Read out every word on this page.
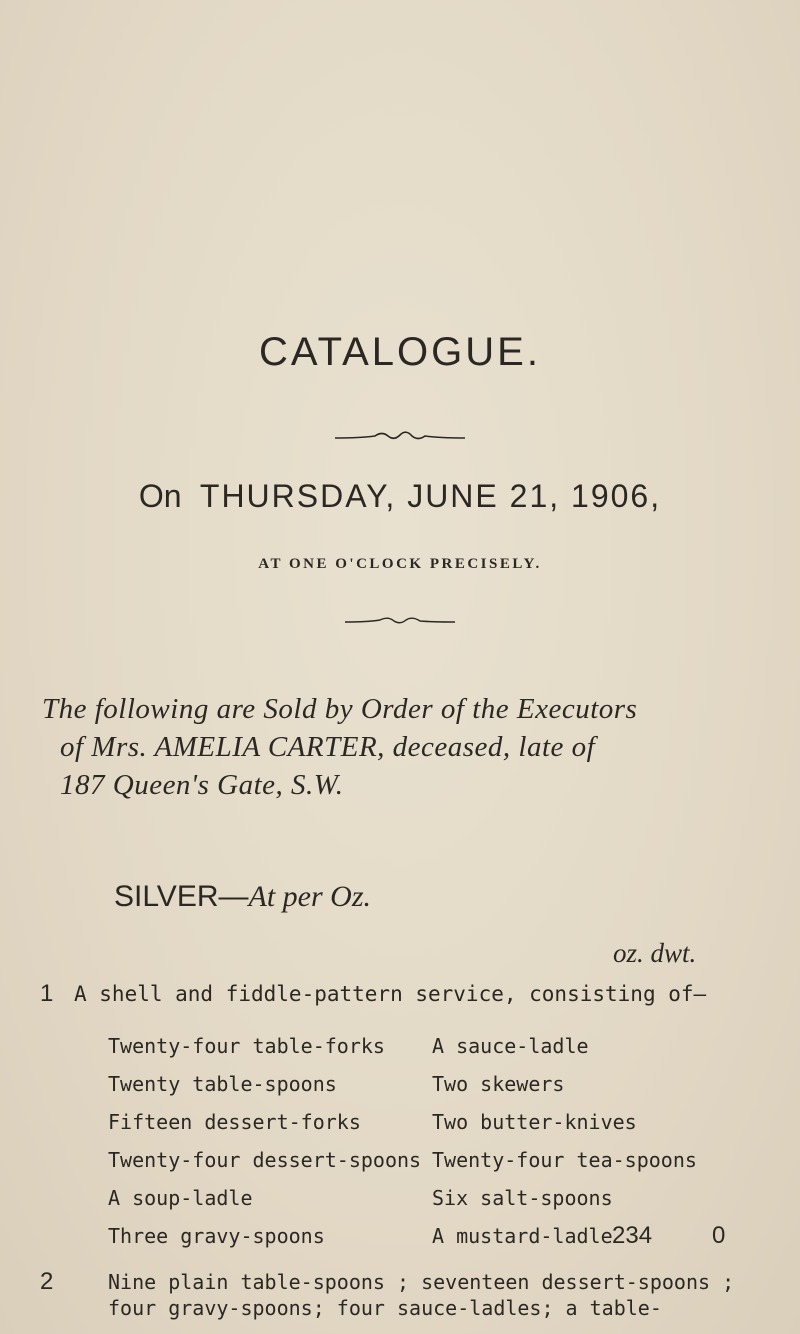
CATALOGUE.
On THURSDAY, JUNE 21, 1906,
AT ONE O'CLOCK PRECISELY.
The following are Sold by Order of the Executors
of Mrs. AMELIA CARTER, deceased, late of
187 Queen's Gate, S.W.
SILVER—At per Oz.
oz. dwt.
1 A shell and fiddle-pattern service, consisting of—
Twenty-four table-forks
Twenty table-spoons
Fifteen dessert-forks
Twenty-four dessert-spoons
A soup-ladle
Three gravy-spoons
A sauce-ladle
Two skewers
Two butter-knives
Twenty-four tea-spoons
Six salt-spoons
A mustard-ladle 234 0
2	Nine plain table-spoons ; seventeen dessert-spoons ;
four gravy-spoons; four sauce-ladles; a table-
